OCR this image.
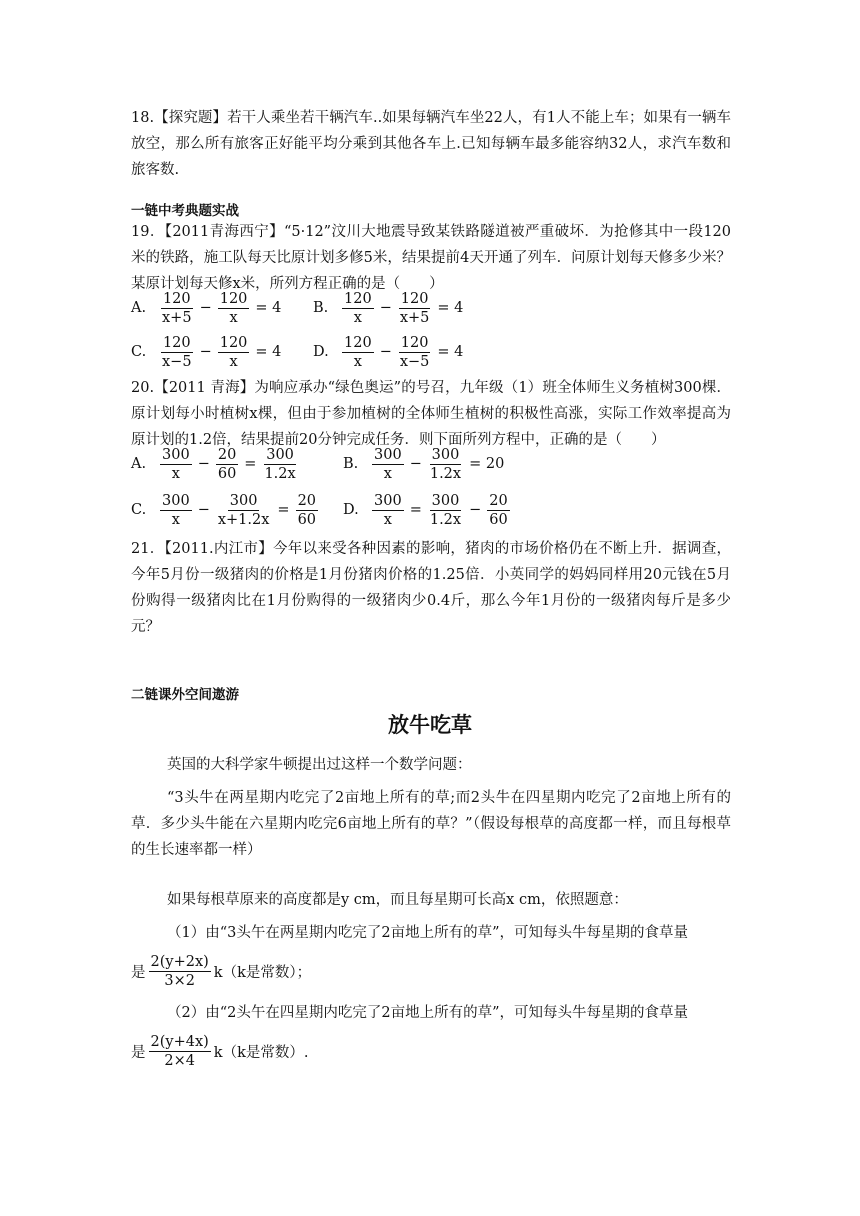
18.【探究题】若干人乘坐若干辆汽车..如果每辆汽车坐22人，有1人不能上车；如果有一辆车放空，那么所有旅客正好能平均分乘到其他各车上.已知每辆车最多能容纳32人，求汽车数和旅客数.
一链中考典题实战
19．【2011青海西宁】“5·12”汶川大地震导致某铁路隧道被严重破坏．为抢修其中一段120米的铁路，施工队每天比原计划多修5米，结果提前4天开通了列车．问原计划每天修多少米？某原计划每天修x米，所列方程正确的是（　　）
A. $\frac{120}{x+5} - \frac{120}{x} = 4$ B. $\frac{120}{x} - \frac{120}{x+5} = 4$
C. $\frac{120}{x-5} - \frac{120}{x} = 4$ D. $\frac{120}{x} - \frac{120}{x-5} = 4$
20.【2011 青海】为响应承办“绿色奥运”的号召，九年级（1）班全体师生义务植树300棵．原计划每小时植树x棵，但由于参加植树的全体师生植树的积极性高涨，实际工作效率提高为原计划的1.2倍，结果提前20分钟完成任务．则下面所列方程中，正确的是（　　）
A. $\frac{300}{x} - \frac{20}{60} = \frac{300}{1.2x}$	B. $\frac{300}{x} - \frac{300}{1.2x} = 20$
C. $\frac{300}{x} - \frac{300}{x+1.2x} = \frac{20}{60} D$. $\frac{300}{x} = \frac{300}{1.2x} - \frac{20}{60}$
21．【2011.内江市】今年以来受各种因素的影响，猪肉的市场价格仍在不断上升．据调查，今年5月份一级猪肉的价格是1月份猪肉价格的1.25倍．小英同学的妈妈同样用20元钱在5月份购得一级猪肉比在1月份购得的一级猪肉少0.4斤，那么今年1月份的一级猪肉每斤是多少元？
二链课外空间遨游
放牛吃草
英国的大科学家牛顿提出过这样一个数学问题：
“3头牛在两星期内吃完了2亩地上所有的草;而2头牛在四星期内吃完了2亩地上所有的草．多少头牛能在六星期内吃完6亩地上所有的草？”（假设每根草的高度都一样，而且每根草的生长速率都一样）
如果每根草原来的高度都是y cm，而且每星期可长高x cm，依照题意：
（1）由“3头午在两星期内吃完了2亩地上所有的草”，可知每头牛每星期的食草量
是 $\frac{2(y+2x)}{3\times 2} k(k$是常数）；
（2）由“2头午在四星期内吃完了2亩地上所有的草”，可知每头牛每星期的食草量
是 $\frac{2(y+4x)}{2\times 4} k(k$是常数）.
